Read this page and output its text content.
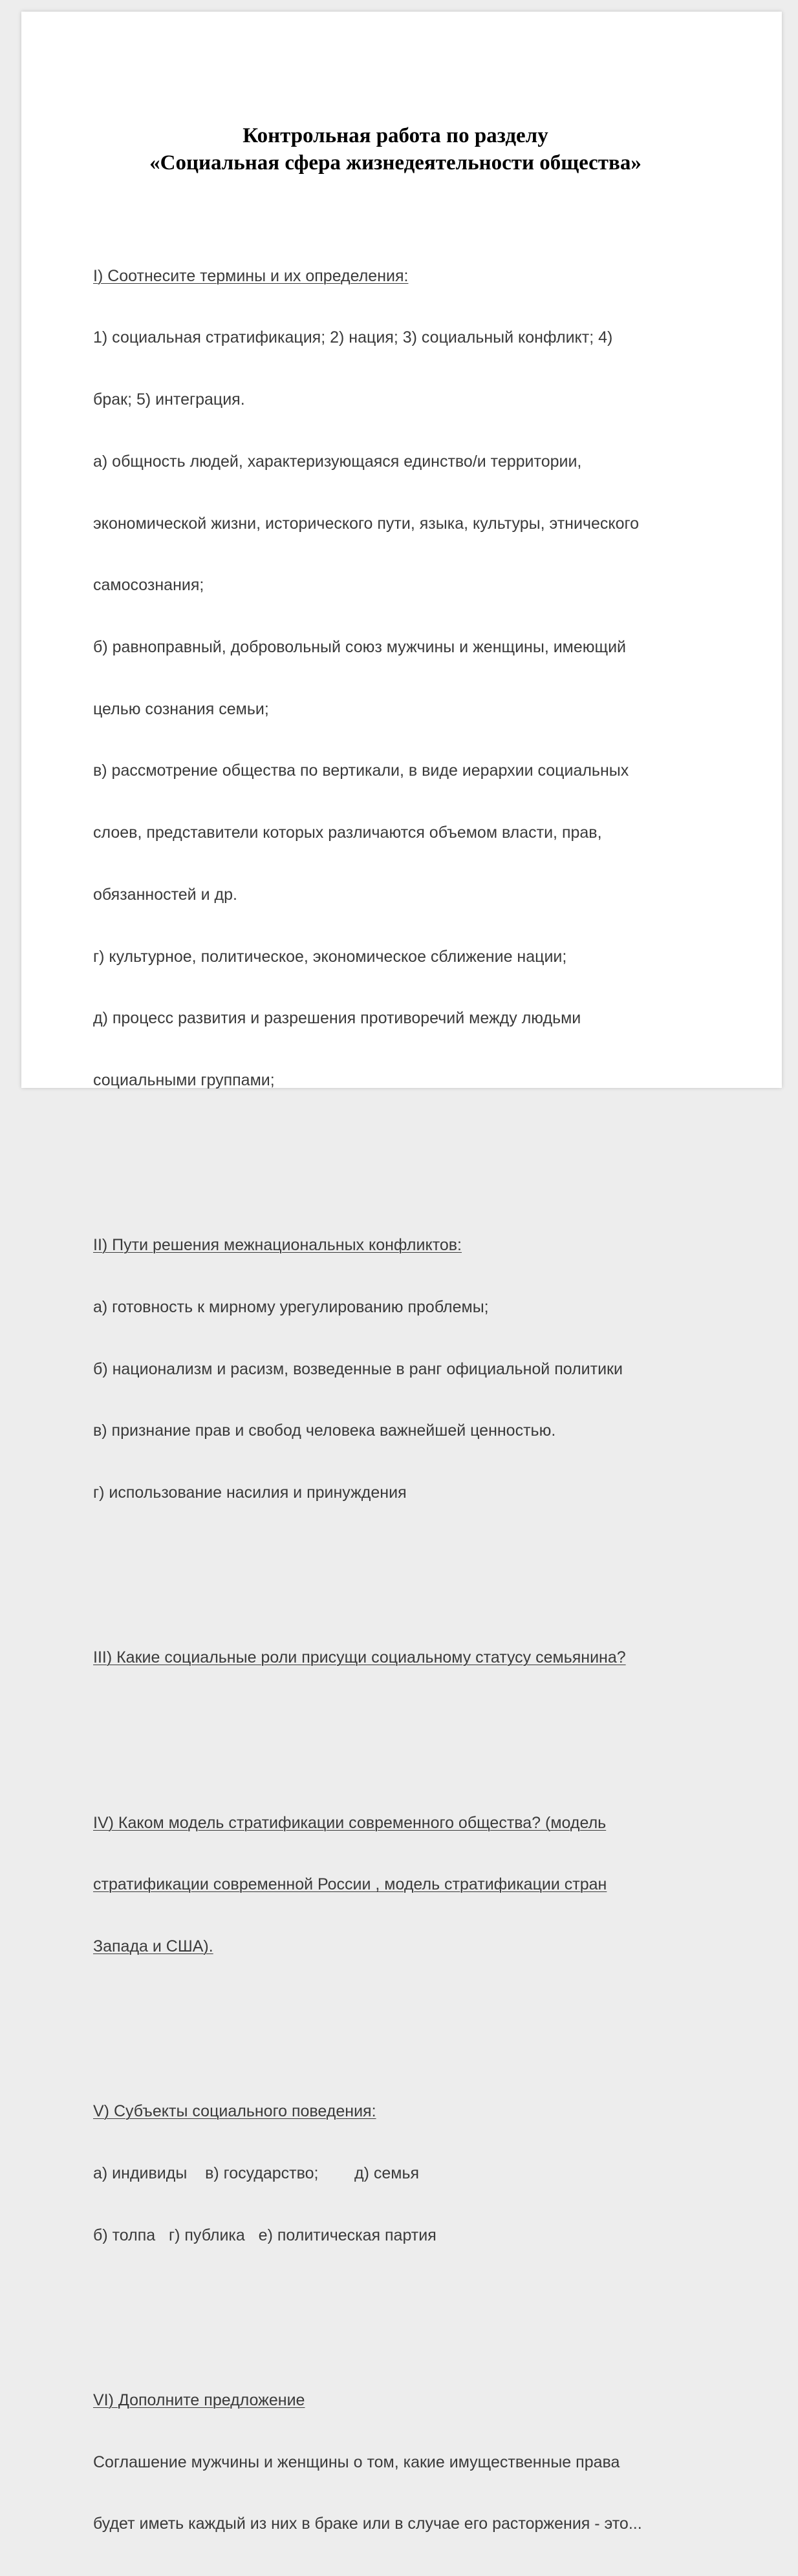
Контрольная работа по разделу
«Социальная сфера жизнедеятельности общества»

I) Соотнесите термины и их определения:

1) социальная стратификация; 2) нация; 3) социальный конфликт; 4)

брак; 5) интеграция.

а) общность людей, характеризующаяся единство/и территории,

экономической жизни, исторического пути, языка, культуры, этнического

самосознания;

б) равноправный, добровольный союз мужчины и женщины, имеющий

целью сознания семьи;

в) рассмотрение общества по вертикали, в виде иерархии социальных

слоев, представители которых различаются объемом власти, прав,

обязанностей и др.

г) культурное, политическое, экономическое сближение нации;

д) процесс развития и разрешения противоречий между людьми

социальными группами;

II) Пути решения межнациональных конфликтов:

а) готовность к мирному урегулированию проблемы;

б) национализм и расизм, возведенные в ранг официальной политики

в) признание прав и свобод человека важнейшей ценностью.

г) использование насилия и принуждения

III) Какие социальные роли присущи социальному статусу семьянина?

IV) Каком модель стратификации современного общества? (модель

стратификации современной России , модель стратификации стран

Запада и США).

V) Субъекты социального поведения:

а) индивиды    в) государство;        д) семья

б) толпа   г) публика   е) политическая партия

VI) Дополните предложение

Соглашение мужчины и женщины о том, какие имущественные права

будет иметь каждый из них в браке или в случае его расторжения - это...
